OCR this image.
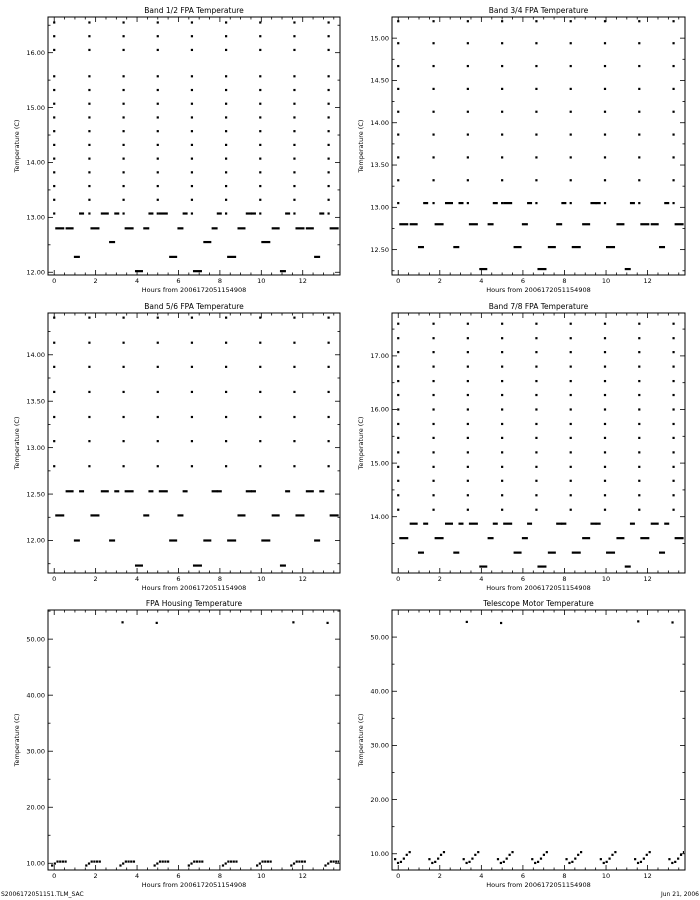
Band 1/2 FPA Temperature
Hours from 2006172051154908
Temperature (C)
0	2	4	6	8	10	12
12.00
13.00
14.00
15.00
16.00
Band 3/4 FPA Temperature
Hours from 2006172051154908
Temperature (C)
0	2	4	6	8	10	12
12.50
13.00
13.50
14.00
14.50
15.00
Band 5/6 FPA Temperature
Hours from 2006172051154908
Temperature (C)
0	2	4	6	8	10	12
12.00
12.50
13.00
13.50
14.00
Band 7/8 FPA Temperature
Hours from 2006172051154908
Temperature (C)
0	2	4	6	8	10	12
14.00
15.00
16.00
17.00
FPA Housing Temperature
Hours from 2006172051154908
Temperature (C)
0	2	4	6	8	10	12
10.00
20.00
30.00
40.00
50.00
Telescope Motor Temperature
Hours from 2006172051154908
Temperature (C)
0	2	4	6	8	10	12
10.00
20.00
30.00
40.00
50.00
S2006172051151.TLM_SAC	Jun 21, 2006
